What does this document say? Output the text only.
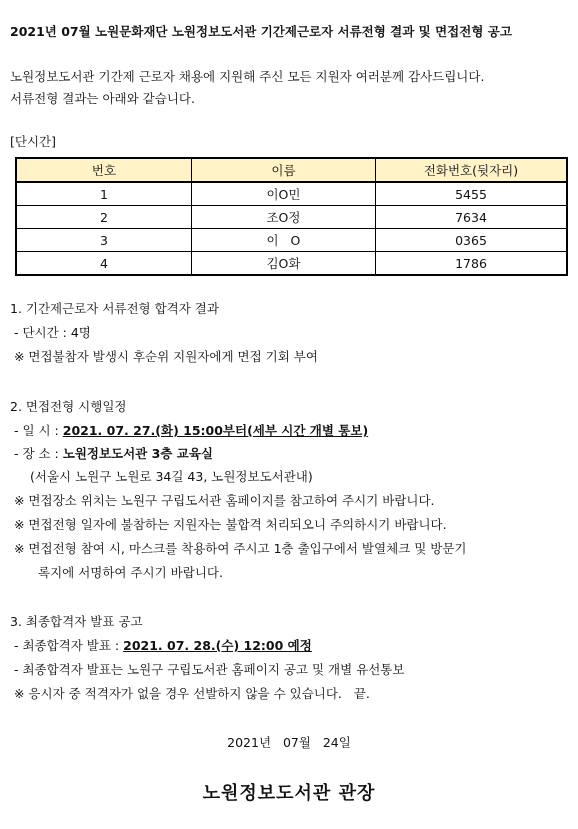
2021년 07월 노원문화재단 노원정보도서관 기간제근로자 서류전형 결과 및 면접전형 공고
노원정보도서관 기간제 근로자 채용에 지원해 주신 모든 지원자 여러분께 감사드립니다.
서류전형 결과는 아래와 같습니다.
[단시간]
번호	이름	전화번호(뒷자리)
1	이O민	5455
2	조O정	7634
3	이   O	0365
4	김O화	1786
1. 기간제근로자 서류전형 합격자 결과
- 단시간 : 4명
※ 면접불참자 발생시 후순위 지원자에게 면접 기회 부여
2. 면접전형 시행일정
- 일 시 : 2021. 07. 27.(화) 15:00부터(세부 시간 개별 통보)
- 장 소 : 노원정보도서관 3층 교육실
(서울시 노원구 노원로 34길 43, 노원정보도서관내)
※ 면접장소 위치는 노원구 구립도서관 홈페이지를 참고하여 주시기 바랍니다.
※ 면접전형 일자에 불참하는 지원자는 불합격 처리되오니 주의하시기 바랍니다.
※ 면접전형 참여 시, 마스크를 착용하여 주시고 1층 출입구에서 발열체크 및 방문기
록지에 서명하여 주시기 바랍니다.
3. 최종합격자 발표 공고
- 최종합격자 발표 : 2021. 07. 28.(수) 12:00 예정
- 최종합격자 발표는 노원구 구립도서관 홈페이지 공고 및 개별 유선통보
※ 응시자 중 적격자가 없을 경우 선발하지 않을 수 있습니다.   끝.
2021년   07월   24일
노원정보도서관 관장
